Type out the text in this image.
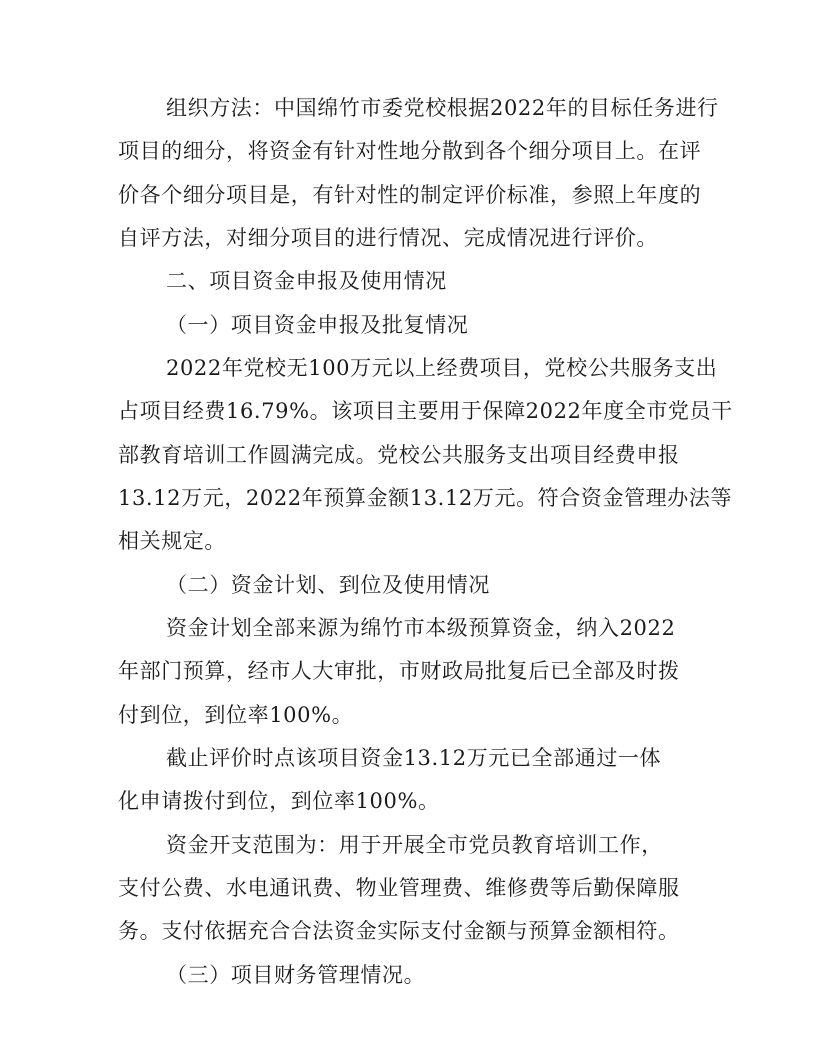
组织方法：中国绵竹市委党校根据2022年的目标任务进行
项目的细分，将资金有针对性地分散到各个细分项目上。在评
价各个细分项目是，有针对性的制定评价标准，参照上年度的
自评方法，对细分项目的进行情况、完成情况进行评价。
二、项目资金申报及使用情况
（一）项目资金申报及批复情况
2022年党校无100万元以上经费项目，党校公共服务支出
占项目经费16.79%。该项目主要用于保障2022年度全市党员干
部教育培训工作圆满完成。党校公共服务支出项目经费申报
13.12万元，2022年预算金额13.12万元。符合资金管理办法等
相关规定。
（二）资金计划、到位及使用情况
资金计划全部来源为绵竹市本级预算资金，纳入2022
年部门预算，经市人大审批，市财政局批复后已全部及时拨
付到位，到位率100%。
截止评价时点该项目资金13.12万元已全部通过一体
化申请拨付到位，到位率100%。
资金开支范围为：用于开展全市党员教育培训工作，
支付公费、水电通讯费、物业管理费、维修费等后勤保障服
务。支付依据充合合法资金实际支付金额与预算金额相符。
（三）项目财务管理情况。
